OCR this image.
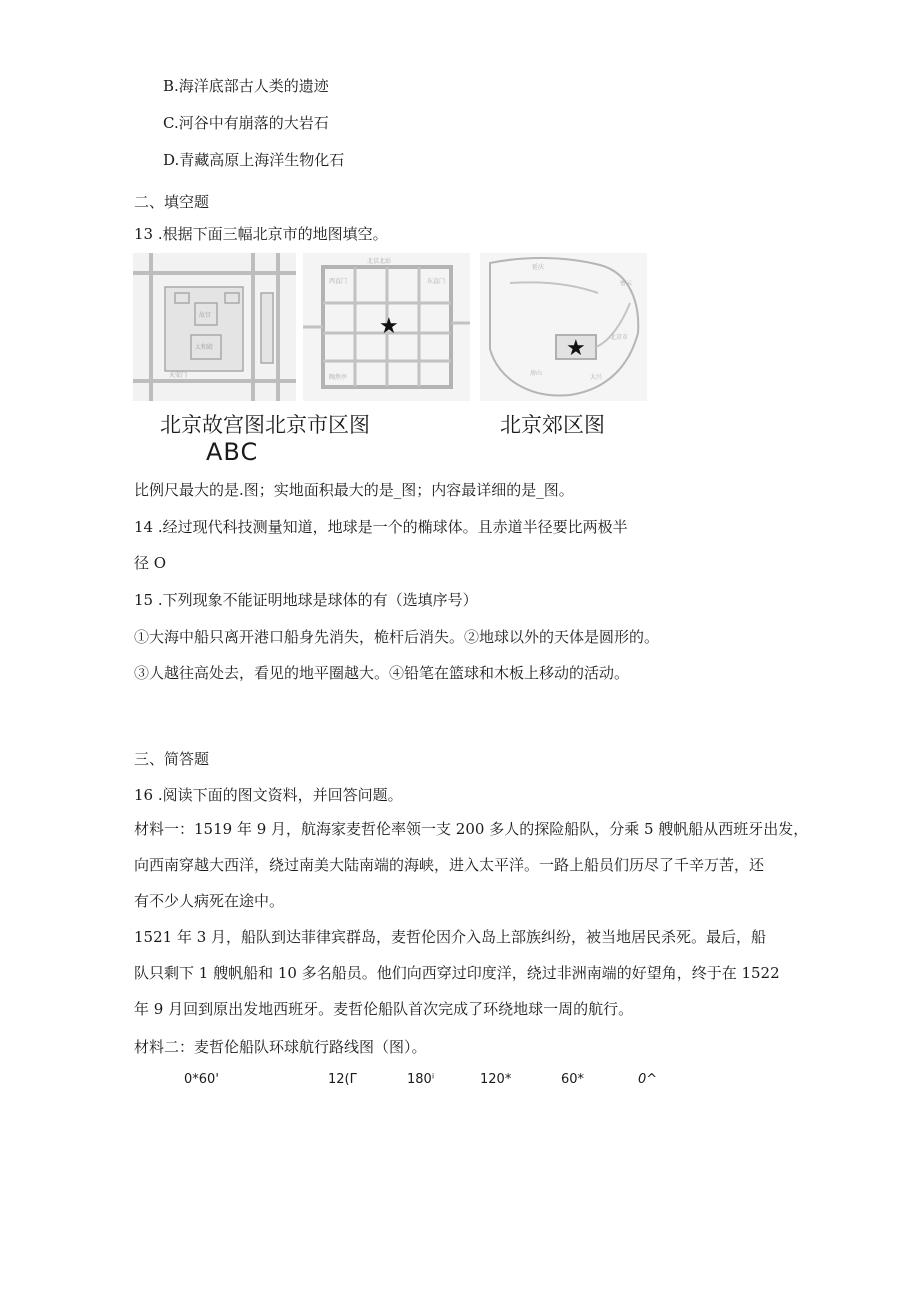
B.海洋底部古人类的遗迹
C.河谷中有崩落的大岩石
D.青藏高原上海洋生物化石
二、填空题
13 .根据下面三幅北京市的地图填空。
故宫
太和殿
天安门
北京北站
西直门	东直门
陶然亭
★
延庆
密云
北京市
房山
大兴
★
北京故宫图北京市区图	北京郊区图
ABC
比例尺最大的是.图；实地面积最大的是_图；内容最详细的是_图。
14 .经过现代科技测量知道，地球是一个的椭球体。且赤道半径要比两极半
径 O
15 .下列现象不能证明地球是球体的有（选填序号）
①大海中船只离开港口船身先消失，桅杆后消失。②地球以外的天体是圆形的。
③人越往高处去，看见的地平圈越大。④铅笔在篮球和木板上移动的活动。
三、简答题
16 .阅读下面的图文资料，并回答问题。
材料一：1519 年 9 月，航海家麦哲伦率领一支 200 多人的探险船队，分乘 5 艘帆船从西班牙出发，
向西南穿越大西洋，绕过南美大陆南端的海峡，进入太平洋。一路上船员们历尽了千辛万苦，还
有不少人病死在途中。
1521 年 3 月，船队到达菲律宾群岛，麦哲伦因介入岛上部族纠纷，被当地居民杀死。最后，船
队只剩下 1 艘帆船和 10 多名船员。他们向西穿过印度洋，绕过非洲南端的好望角，终于在 1522
年 9 月回到原出发地西班牙。麦哲伦船队首次完成了环绕地球一周的航行。
材料二：麦哲伦船队环球航行路线图（图）。
0*60'	12(Г	180ⁱ	120*	60*	0^
